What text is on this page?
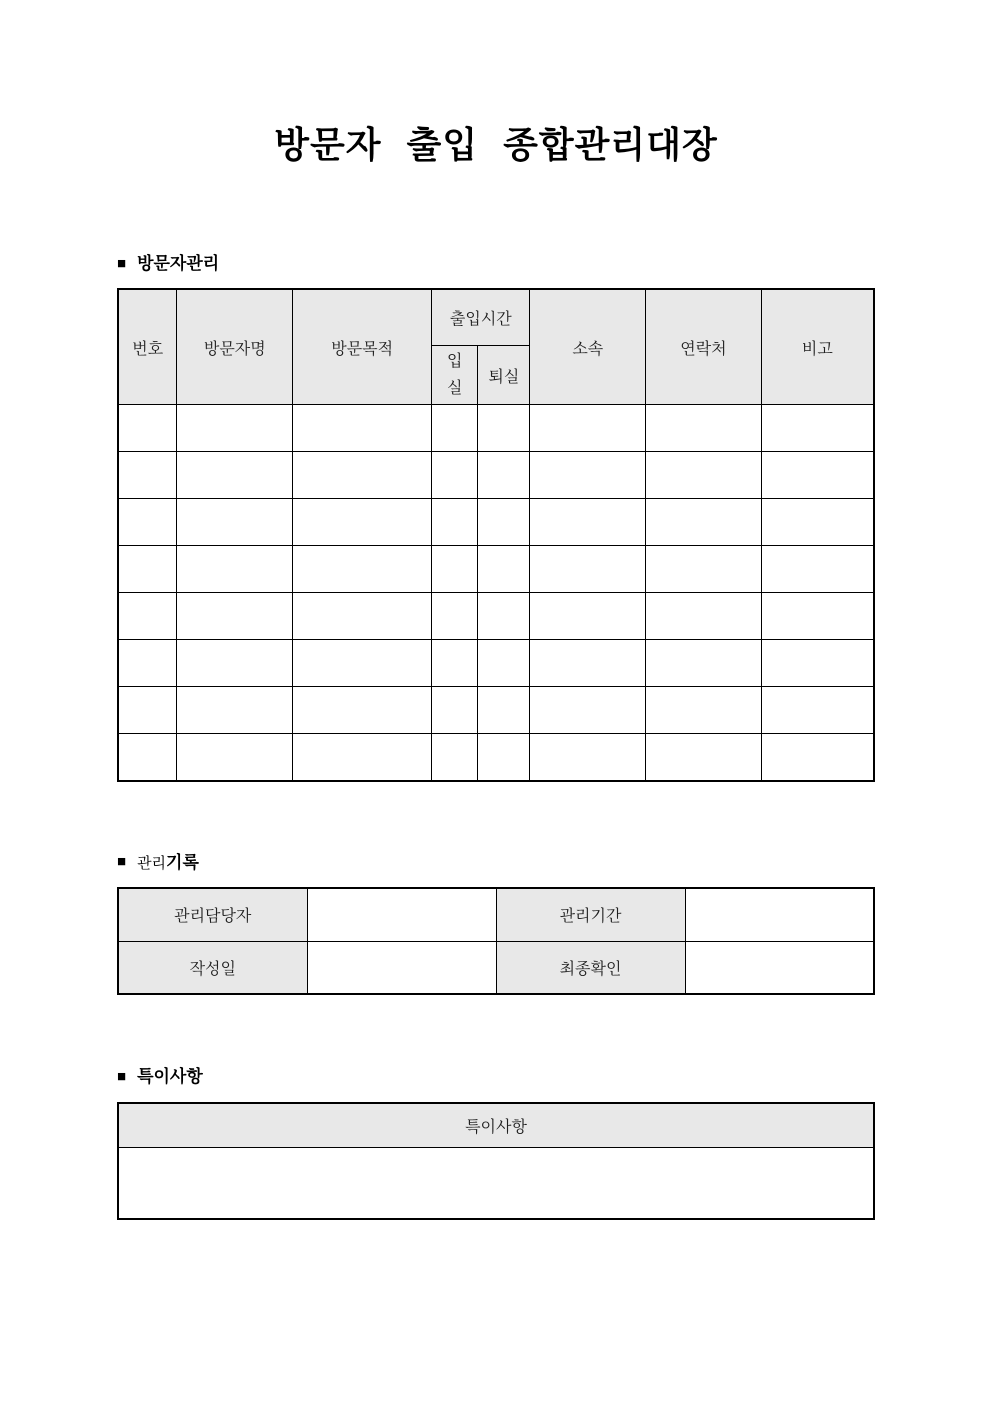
방문자 출입 종합관리대장
■ 방문자관리
번호	방문자명	방문목적	출입시간		소속	연락처	비고
			입실	퇴실			

■ 관리기록
관리담당자		관리기간	
작성일		최종확인	
■ 특이사항
특이사항
